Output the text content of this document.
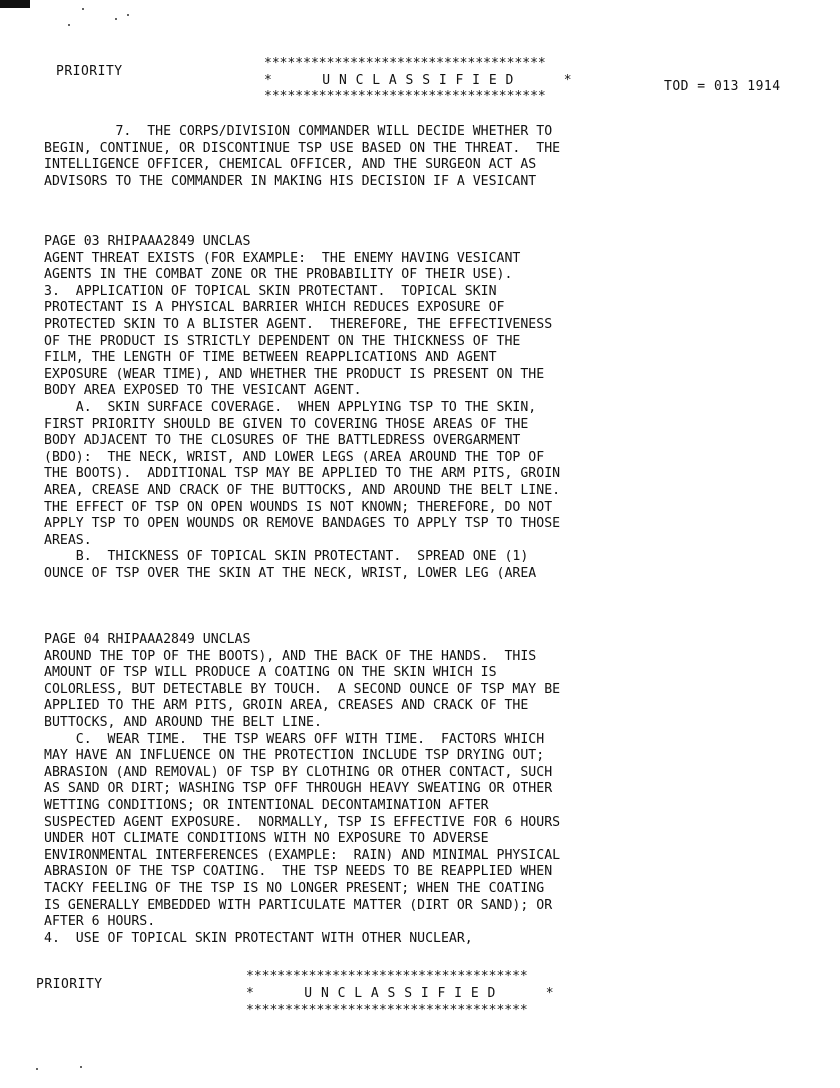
PRIORITY
************************************
*      U N C L A S S I F I E D      *
************************************
TOD = 013 1914
7.  THE CORPS/DIVISION COMMANDER WILL DECIDE WHETHER TO
BEGIN, CONTINUE, OR DISCONTINUE TSP USE BASED ON THE THREAT.  THE
INTELLIGENCE OFFICER, CHEMICAL OFFICER, AND THE SURGEON ACT AS
ADVISORS TO THE COMMANDER IN MAKING HIS DECISION IF A VESICANT
PAGE 03 RHIPAAA2849 UNCLAS
AGENT THREAT EXISTS (FOR EXAMPLE:  THE ENEMY HAVING VESICANT
AGENTS IN THE COMBAT ZONE OR THE PROBABILITY OF THEIR USE).
3.  APPLICATION OF TOPICAL SKIN PROTECTANT.  TOPICAL SKIN
PROTECTANT IS A PHYSICAL BARRIER WHICH REDUCES EXPOSURE OF
PROTECTED SKIN TO A BLISTER AGENT.  THEREFORE, THE EFFECTIVENESS
OF THE PRODUCT IS STRICTLY DEPENDENT ON THE THICKNESS OF THE
FILM, THE LENGTH OF TIME BETWEEN REAPPLICATIONS AND AGENT
EXPOSURE (WEAR TIME), AND WHETHER THE PRODUCT IS PRESENT ON THE
BODY AREA EXPOSED TO THE VESICANT AGENT.
A.  SKIN SURFACE COVERAGE.  WHEN APPLYING TSP TO THE SKIN,
FIRST PRIORITY SHOULD BE GIVEN TO COVERING THOSE AREAS OF THE
BODY ADJACENT TO THE CLOSURES OF THE BATTLEDRESS OVERGARMENT
(BDO):  THE NECK, WRIST, AND LOWER LEGS (AREA AROUND THE TOP OF
THE BOOTS).  ADDITIONAL TSP MAY BE APPLIED TO THE ARM PITS, GROIN
AREA, CREASE AND CRACK OF THE BUTTOCKS, AND AROUND THE BELT LINE.
THE EFFECT OF TSP ON OPEN WOUNDS IS NOT KNOWN; THEREFORE, DO NOT
APPLY TSP TO OPEN WOUNDS OR REMOVE BANDAGES TO APPLY TSP TO THOSE
AREAS.
B.  THICKNESS OF TOPICAL SKIN PROTECTANT.  SPREAD ONE (1)
OUNCE OF TSP OVER THE SKIN AT THE NECK, WRIST, LOWER LEG (AREA
PAGE 04 RHIPAAA2849 UNCLAS
AROUND THE TOP OF THE BOOTS), AND THE BACK OF THE HANDS.  THIS
AMOUNT OF TSP WILL PRODUCE A COATING ON THE SKIN WHICH IS
COLORLESS, BUT DETECTABLE BY TOUCH.  A SECOND OUNCE OF TSP MAY BE
APPLIED TO THE ARM PITS, GROIN AREA, CREASES AND CRACK OF THE
BUTTOCKS, AND AROUND THE BELT LINE.
C.  WEAR TIME.  THE TSP WEARS OFF WITH TIME.  FACTORS WHICH
MAY HAVE AN INFLUENCE ON THE PROTECTION INCLUDE TSP DRYING OUT;
ABRASION (AND REMOVAL) OF TSP BY CLOTHING OR OTHER CONTACT, SUCH
AS SAND OR DIRT; WASHING TSP OFF THROUGH HEAVY SWEATING OR OTHER
WETTING CONDITIONS; OR INTENTIONAL DECONTAMINATION AFTER
SUSPECTED AGENT EXPOSURE.  NORMALLY, TSP IS EFFECTIVE FOR 6 HOURS
UNDER HOT CLIMATE CONDITIONS WITH NO EXPOSURE TO ADVERSE
ENVIRONMENTAL INTERFERENCES (EXAMPLE:  RAIN) AND MINIMAL PHYSICAL
ABRASION OF THE TSP COATING.  THE TSP NEEDS TO BE REAPPLIED WHEN
TACKY FEELING OF THE TSP IS NO LONGER PRESENT; WHEN THE COATING
IS GENERALLY EMBEDDED WITH PARTICULATE MATTER (DIRT OR SAND); OR
AFTER 6 HOURS.
4.  USE OF TOPICAL SKIN PROTECTANT WITH OTHER NUCLEAR,
PRIORITY
************************************
*      U N C L A S S I F I E D      *
************************************
